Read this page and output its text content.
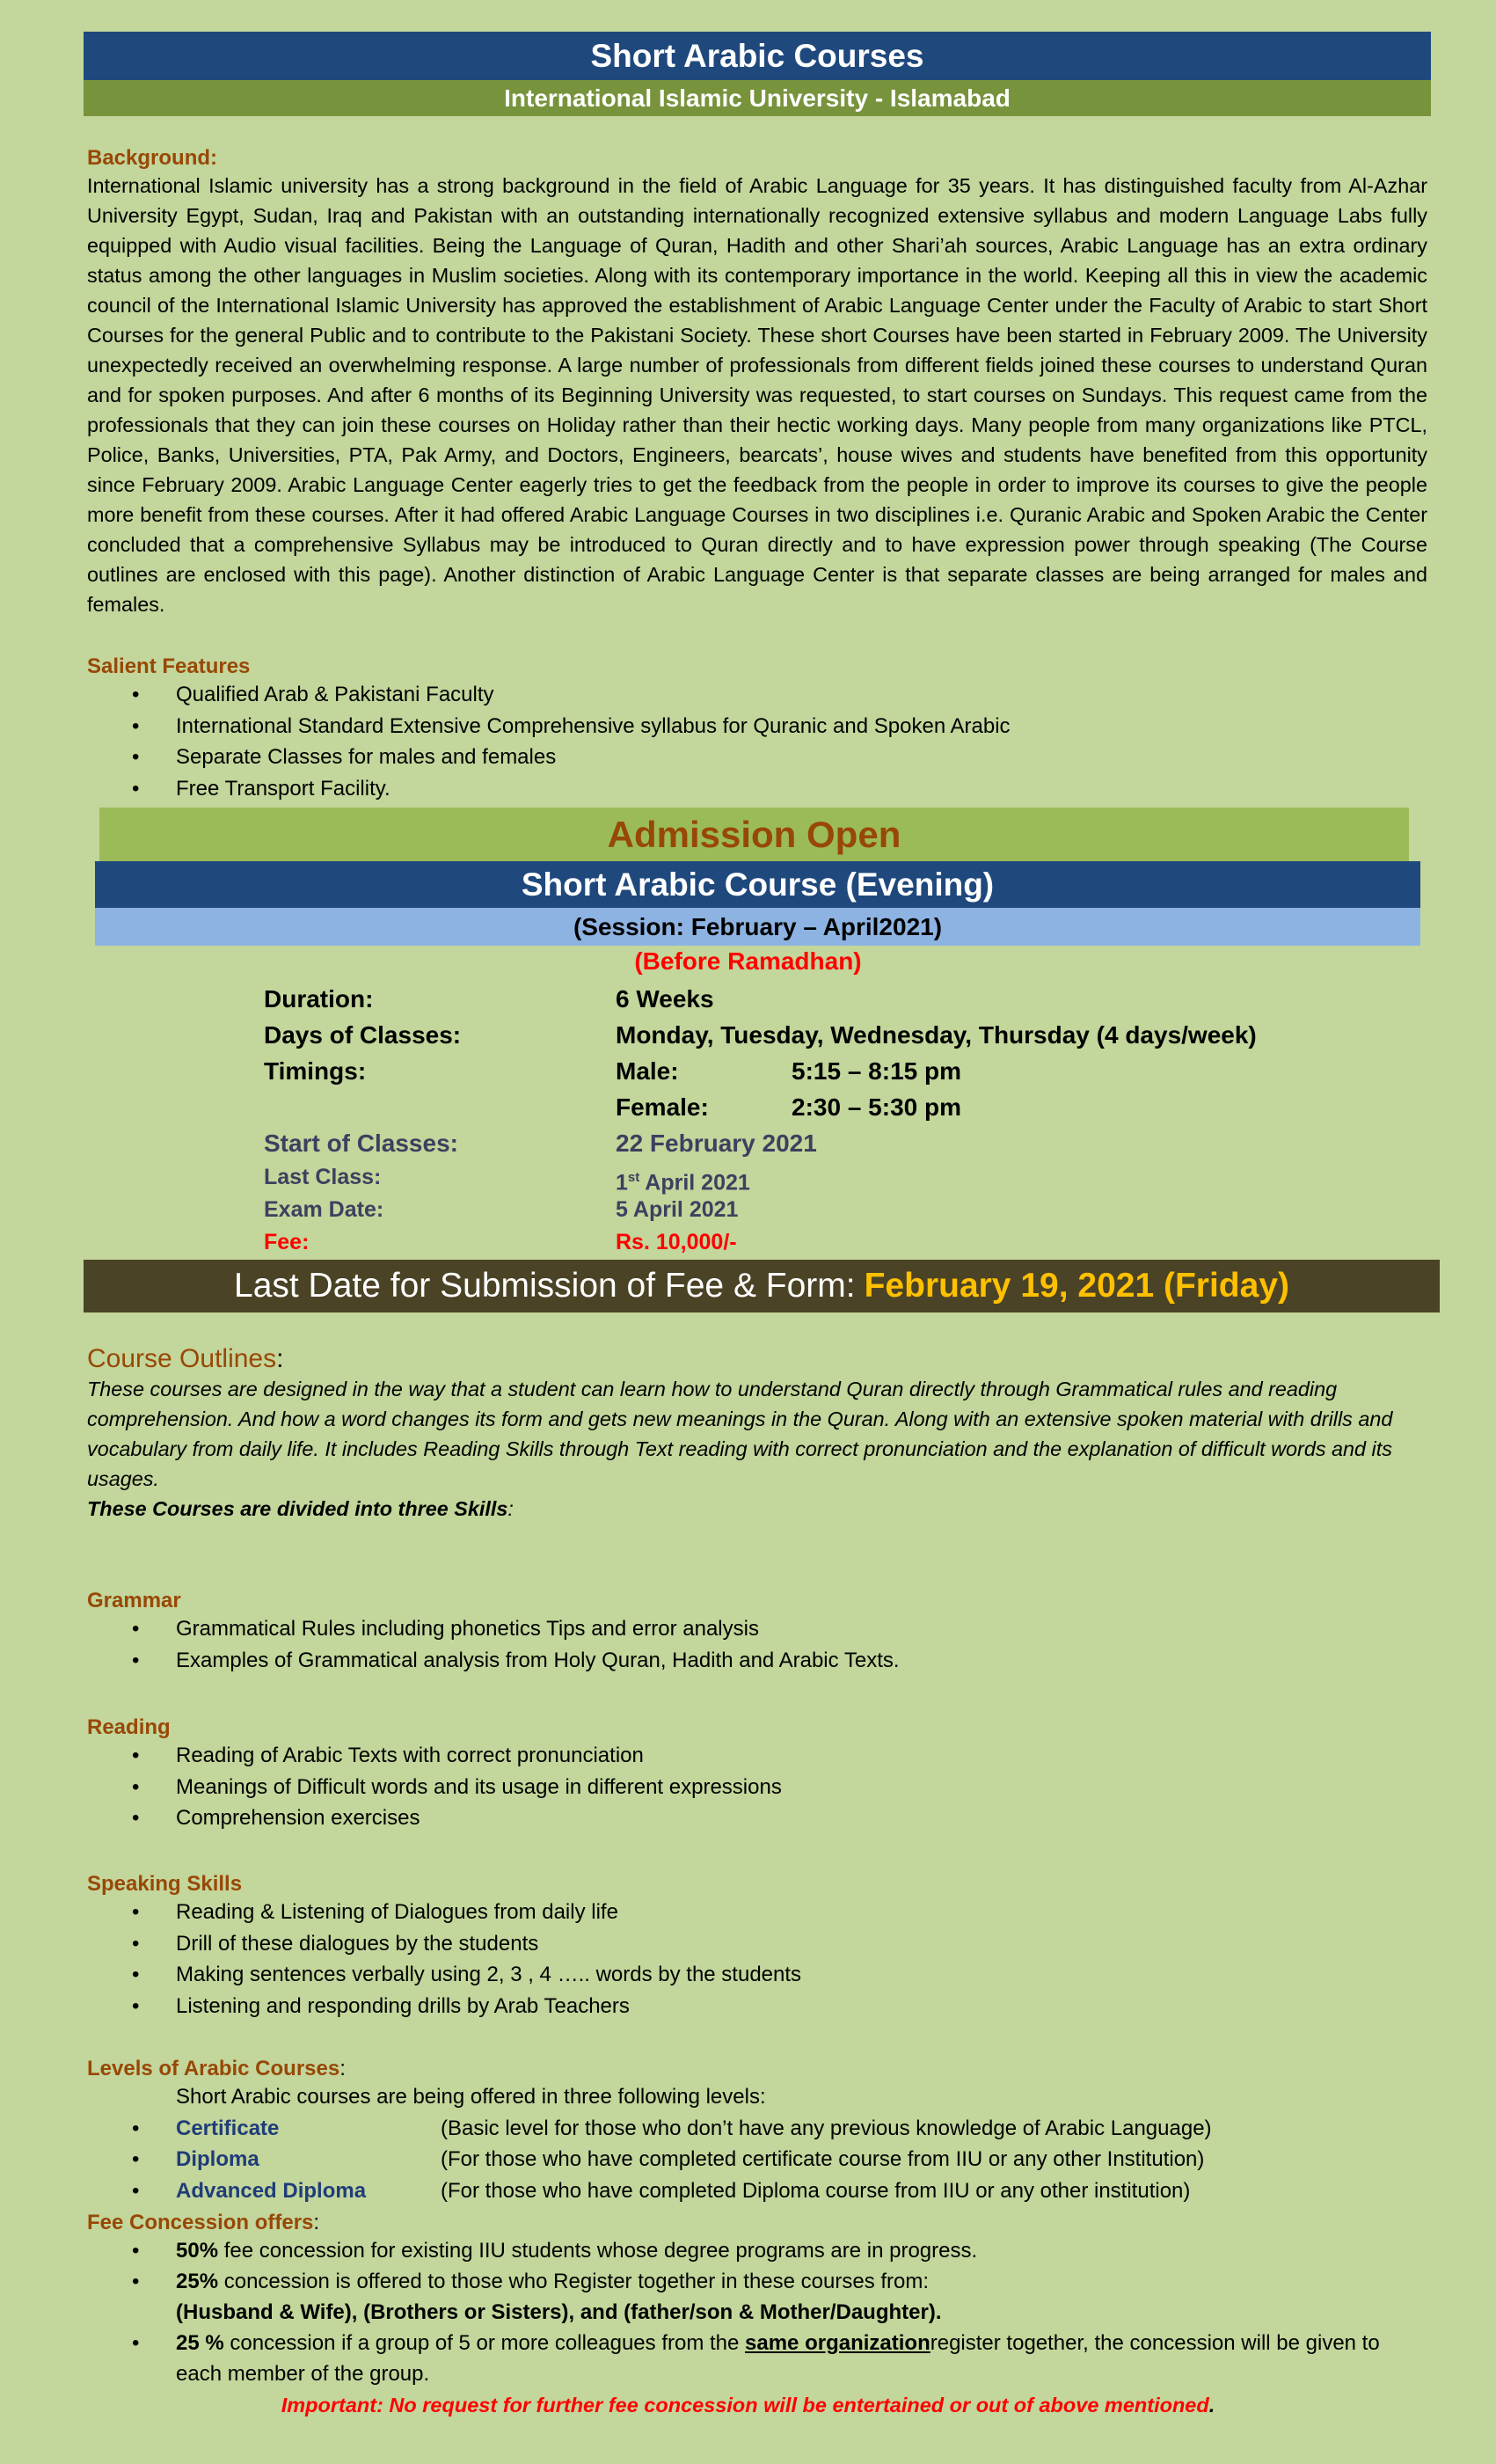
Short Arabic Courses
International Islamic University - Islamabad
Background:

International Islamic university has a strong background in the field of Arabic Language for 35 years. It has distinguished faculty from Al-Azhar University Egypt, Sudan, Iraq and Pakistan with an outstanding internationally recognized extensive syllabus and modern Language Labs fully equipped with Audio visual facilities. Being the Language of Quran, Hadith and other Shari’ah sources, Arabic Language has an extra ordinary status among the other languages in Muslim societies. Along with its contemporary importance in the world. Keeping all this in view the academic council of the International Islamic University has approved the establishment of Arabic Language Center under the Faculty of Arabic to start Short Courses for the general Public and to contribute to the Pakistani Society. These short Courses have been started in February 2009. The University unexpectedly received an overwhelming response. A large number of professionals from different fields joined these courses to understand Quran and for spoken purposes. And after 6 months of its Beginning University was requested, to start courses on Sundays. This request came from the professionals that they can join these courses on Holiday rather than their hectic working days. Many people from many organizations like PTCL, Police, Banks, Universities, PTA, Pak Army, and Doctors, Engineers, bearcats’, house wives and students have benefited from this opportunity since February 2009. Arabic Language Center eagerly tries to get the feedback from the people in order to improve its courses to give the people more benefit from these courses. After it had offered Arabic Language Courses in two disciplines i.e. Quranic Arabic and Spoken Arabic the Center concluded that a comprehensive Syllabus may be introduced to Quran directly and to have expression power through speaking (The Course outlines are enclosed with this page). Another distinction of Arabic Language Center is that separate classes are being arranged for males and females.

Salient Features
• Qualified Arab & Pakistani Faculty
• International Standard Extensive Comprehensive syllabus for Quranic and Spoken Arabic
• Separate Classes for males and females
• Free Transport Facility.
Admission Open
Short Arabic Course (Evening)
(Session: February – April2021)
(Before Ramadhan)
Duration:	6 Weeks
Days of Classes:	Monday, Tuesday, Wednesday, Thursday (4 days/week)
Timings:	Male:	5:15 – 8:15 pm
Female:	2:30 – 5:30 pm
Start of Classes:	22 February 2021
Last Class:	1st April 2021
Exam Date:	5 April 2021
Fee:	Rs. 10,000/-
Last Date for Submission of Fee & Form: February 19, 2021 (Friday)
Course Outlines:

These courses are designed in the way that a student can learn how to understand Quran directly through Grammatical rules and reading comprehension. And how a word changes its form and gets new meanings in the Quran. Along with an extensive spoken material with drills and vocabulary from daily life. It includes Reading Skills through Text reading with correct pronunciation and the explanation of difficult words and its usages.

These Courses are divided into three Skills:

Grammar
• Grammatical Rules including phonetics Tips and error analysis
• Examples of Grammatical analysis from Holy Quran, Hadith and Arabic Texts.
Reading
• Reading of Arabic Texts with correct pronunciation
• Meanings of Difficult words and its usage in different expressions
• Comprehension exercises
Speaking Skills
• Reading & Listening of Dialogues from daily life
• Drill of these dialogues by the students
• Making sentences verbally using 2, 3 , 4 ….. words by the students
• Listening and responding drills by Arab Teachers
Levels of Arabic Courses:
Short Arabic courses are being offered in three following levels:
• Certificate	(Basic level for those who don’t have any previous knowledge of Arabic Language)
• Diploma	(For those who have completed certificate course from IIU or any other Institution)
• Advanced Diploma	(For those who have completed Diploma course from IIU or any other institution)
Fee Concession offers:
• 50% fee concession for existing IIU students whose degree programs are in progress.
• 25% concession is offered to those who Register together in these courses from:
(Husband & Wife), (Brothers or Sisters), and (father/son & Mother/Daughter).
• 25 % concession if a group of 5 or more colleagues from the same organizationregister together, the concession will be given to each member of the group.
Important: No request for further fee concession will be entertained or out of above mentioned.
